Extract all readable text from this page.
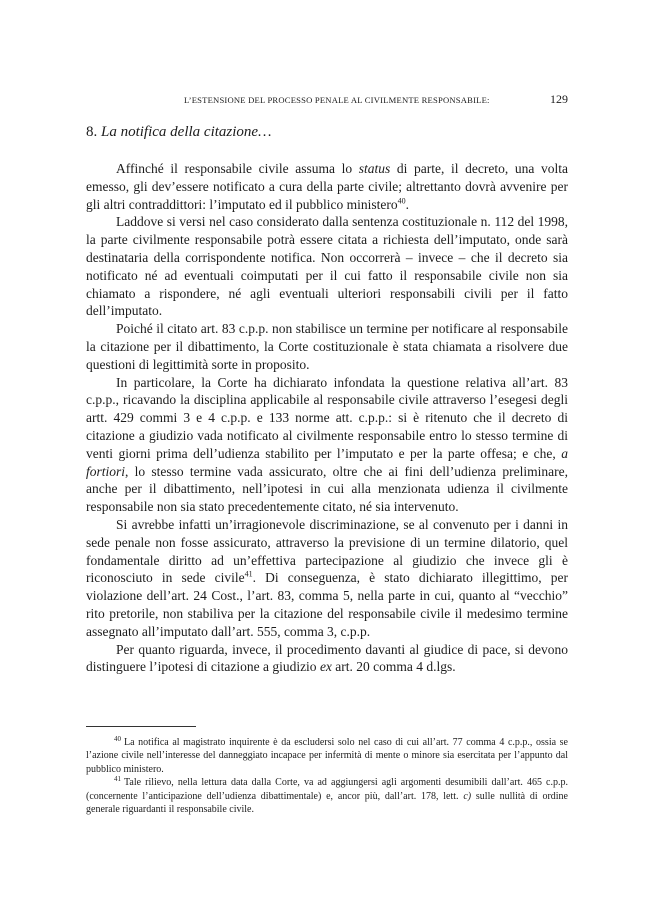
L’ESTENSIONE DEL PROCESSO PENALE AL CIVILMENTE RESPONSABILE:	129
8. La notifica della citazione…

Affinché il responsabile civile assuma lo status di parte, il decreto, una volta emesso, gli dev’essere notificato a cura della parte civile; altrettanto dovrà avvenire per gli altri contraddittori: l’imputato ed il pubblico ministero$^{40}$.

Laddove si versi nel caso considerato dalla sentenza costituzionale n. 112 del 1998, la parte civilmente responsabile potrà essere citata a richiesta dell’imputato, onde sarà destinataria della corrispondente notifica. Non occorrerà – invece – che il decreto sia notificato né ad eventuali coimputati per il cui fatto il responsabile civile non sia chiamato a rispondere, né agli eventuali ulteriori responsabili civili per il fatto dell’imputato.

Poiché il citato art. 83 c.p.p. non stabilisce un termine per notificare al responsabile la citazione per il dibattimento, la Corte costituzionale è stata chiamata a risolvere due questioni di legittimità sorte in proposito.

In particolare, la Corte ha dichiarato infondata la questione relativa all’art. 83 c.p.p., ricavando la disciplina applicabile al responsabile civile attraverso l’esegesi degli artt. 429 commi 3 e 4 c.p.p. e 133 norme att. c.p.p.: si è ritenuto che il decreto di citazione a giudizio vada notificato al civilmente responsabile entro lo stesso termine di venti giorni prima dell’udienza stabilito per l’imputato e per la parte offesa; e che, a fortiori, lo stesso termine vada assicurato, oltre che ai fini dell’udienza preliminare, anche per il dibattimento, nell’ipotesi in cui alla menzionata udienza il civilmente responsabile non sia stato precedentemente citato, né sia intervenuto.

Si avrebbe infatti un’irragionevole discriminazione, se al convenuto per i danni in sede penale non fosse assicurato, attraverso la previsione di un termine dilatorio, quel fondamentale diritto ad un’effettiva partecipazione al giudizio che invece gli è riconosciuto in sede civile$^{41}$. Di conseguenza, è stato dichiarato illegittimo, per violazione dell’art. 24 Cost., l’art. 83, comma 5, nella parte in cui, quanto al “vecchio” rito pretorile, non stabiliva per la citazione del responsabile civile il medesimo termine assegnato all’imputato dall’art. 555, comma 3, c.p.p.

Per quanto riguarda, invece, il procedimento davanti al giudice di pace, si devono distinguere l’ipotesi di citazione a giudizio ex art. 20 comma 4 d.lgs.

$^{40}$ La notifica al magistrato inquirente è da escludersi solo nel caso di cui all’art. 77 comma 4 c.p.p., ossia se l’azione civile nell’interesse del danneggiato incapace per infermità di mente o minore sia esercitata per l’appunto dal pubblico ministero.

$^{41}$ Tale rilievo, nella lettura data dalla Corte, va ad aggiungersi agli argomenti desumibili dall’art. 465 c.p.p. (concernente l’anticipazione dell’udienza dibattimentale) e, ancor più, dall’art. 178, lett. c) sulle nullità di ordine generale riguardanti il responsabile civile.
